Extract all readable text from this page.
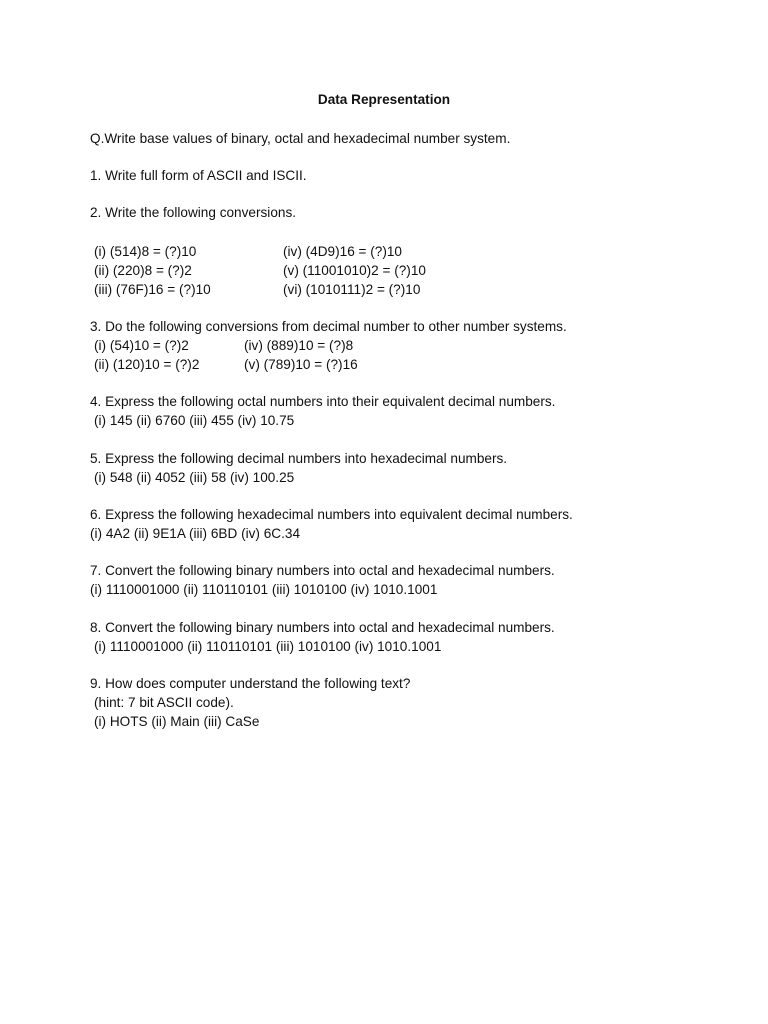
Data Representation
Q.Write base values of binary, octal and hexadecimal number system.
1. Write full form of ASCII and ISCII.
2. Write the following conversions.
(i) (514)8 = (?)10
(ii) (220)8 = (?)2
(iii) (76F)16 = (?)10
(iv) (4D9)16 = (?)10
(v) (11001010)2 = (?)10
(vi) (1010111)2 = (?)10
3. Do the following conversions from decimal number to other number systems.
(i) (54)10 = (?)2
(ii) (120)10 = (?)2
(iv) (889)10 = (?)8
(v) (789)10 = (?)16
4. Express the following octal numbers into their equivalent decimal numbers.
(i) 145 (ii) 6760 (iii) 455 (iv) 10.75
5. Express the following decimal numbers into hexadecimal numbers.
(i) 548 (ii) 4052 (iii) 58 (iv) 100.25
6. Express the following hexadecimal numbers into equivalent decimal numbers.
(i) 4A2 (ii) 9E1A (iii) 6BD (iv) 6C.34
7. Convert the following binary numbers into octal and hexadecimal numbers.
(i) 1110001000 (ii) 110110101 (iii) 1010100 (iv) 1010.1001
8. Convert the following binary numbers into octal and hexadecimal numbers.
(i) 1110001000 (ii) 110110101 (iii) 1010100 (iv) 1010.1001
9. How does computer understand the following text?
(hint: 7 bit ASCII code).
(i) HOTS (ii) Main (iii) CaSe
